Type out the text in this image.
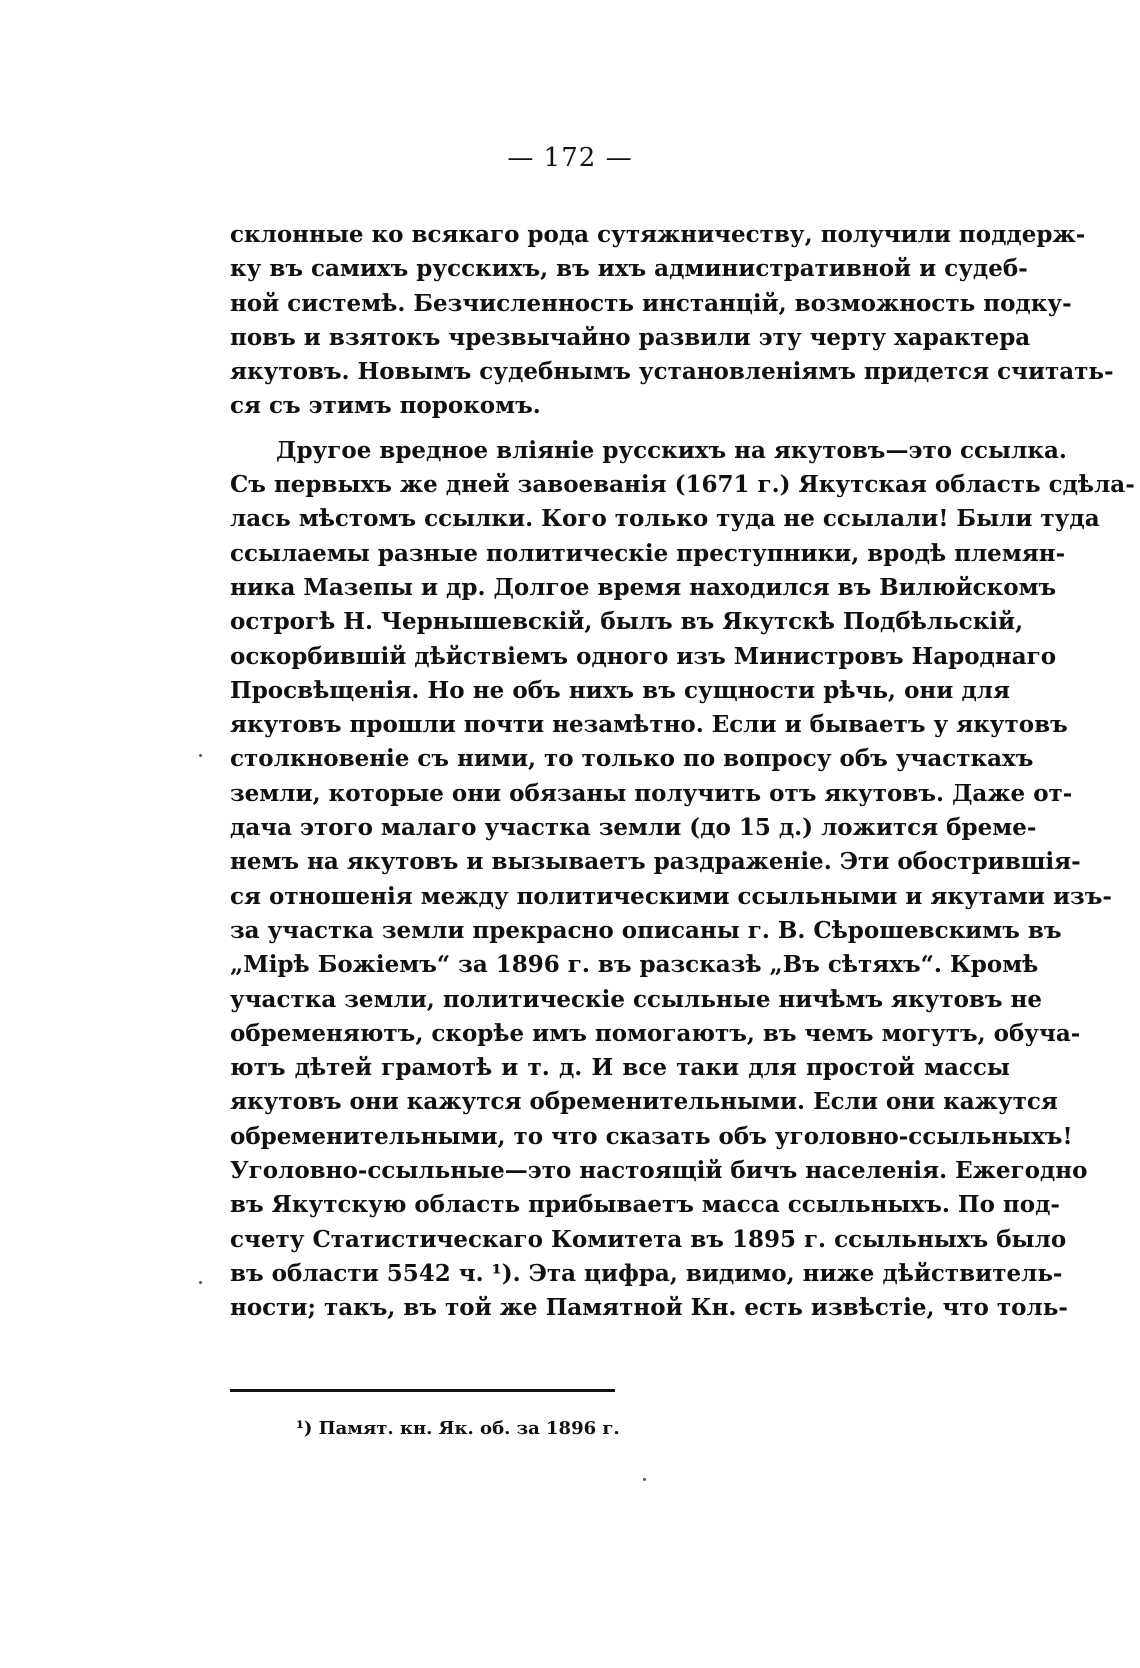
— 172 —
склонные ко всякаго рода сутяжничеству, получили поддерж-
ку въ самихъ русскихъ, въ ихъ административной и судеб-
ной системѣ. Безчисленность инстанцій, возможность подку-
повъ и взятокъ чрезвычайно развили эту черту характера
якутовъ. Новымъ судебнымъ установленіямъ придется считать-
ся съ этимъ порокомъ.
Другое вредное вліяніе русскихъ на якутовъ—это ссылка.
Съ первыхъ же дней завоеванія (1671 г.) Якутская область сдѣла-
лась мѣстомъ ссылки. Кого только туда не ссылали! Были туда
ссылаемы разные политическіе преступники, вродѣ племян-
ника Мазепы и др. Долгое время находился въ Вилюйскомъ
острогѣ Н. Чернышевскій, былъ въ Якутскѣ Подбѣльскій,
оскорбившій дѣйствіемъ одного изъ Министровъ Народнаго
Просвѣщенія. Но не объ нихъ въ сущности рѣчь, они для
якутовъ прошли почти незамѣтно. Если и бываетъ у якутовъ
столкновеніе съ ними, то только по вопросу объ участкахъ
земли, которые они обязаны получить отъ якутовъ. Даже от-
дача этого малаго участка земли (до 15 д.) ложится бреме-
немъ на якутовъ и вызываетъ раздраженіе. Эти обострившія-
ся отношенія между политическими ссыльными и якутами изъ-
за участка земли прекрасно описаны г. В. Сѣрошевскимъ въ
„Мірѣ Божіемъ“ за 1896 г. въ разсказѣ „Въ сѣтяхъ“. Кромѣ
участка земли, политическіе ссыльные ничѣмъ якутовъ не
обременяютъ, скорѣе имъ помогаютъ, въ чемъ могутъ, обуча-
ютъ дѣтей грамотѣ и т. д. И все таки для простой массы
якутовъ они кажутся обременительными. Если они кажутся
обременительными, то что сказать объ уголовно-ссыльныхъ!
Уголовно-ссыльные—это настоящій бичъ населенія. Ежегодно
въ Якутскую область прибываетъ масса ссыльныхъ. По под-
счету Статистическаго Комитета въ 1895 г. ссыльныхъ было
въ области 5542 ч. ¹). Эта цифра, видимо, ниже дѣйствитель-
ности; такъ, въ той же Памятной Кн. есть извѣстіе, что толь-
¹) Памят. кн. Як. об. за 1896 г.
